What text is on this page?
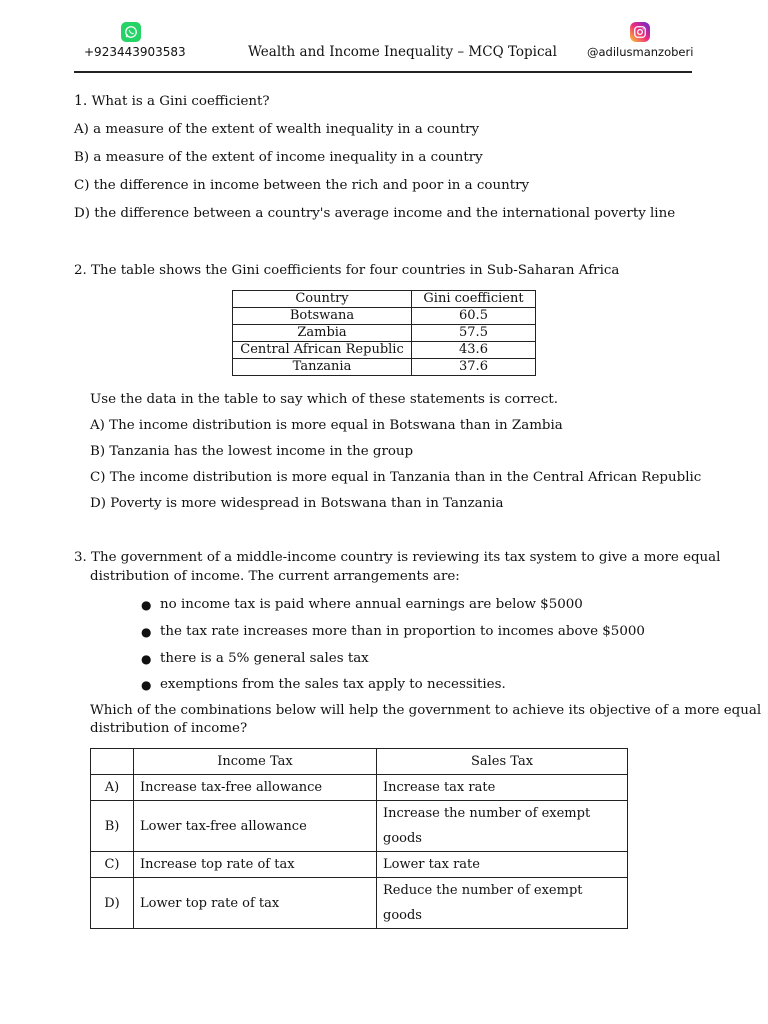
+923443903583	Wealth and Income Inequality – MCQ Topical	@adilusmanzoberi
1. What is a Gini coefficient?
A) a measure of the extent of wealth inequality in a country
B) a measure of the extent of income inequality in a country
C) the difference in income between the rich and poor in a country
D) the difference between a country's average income and the international poverty line
2. The table shows the Gini coefficients for four countries in Sub-Saharan Africa
Country	Gini coefficient
Botswana	60.5
Zambia	57.5
Central African Republic	43.6
Tanzania	37.6
Use the data in the table to say which of these statements is correct.
A) The income distribution is more equal in Botswana than in Zambia
B) Tanzania has the lowest income in the group
C) The income distribution is more equal in Tanzania than in the Central African Republic
D) Poverty is more widespread in Botswana than in Tanzania
3. The government of a middle-income country is reviewing its tax system to give a more equal
distribution of income. The current arrangements are:
● no income tax is paid where annual earnings are below $5000
● the tax rate increases more than in proportion to incomes above $5000
● there is a 5% general sales tax
● exemptions from the sales tax apply to necessities.
Which of the combinations below will help the government to achieve its objective of a more equal
distribution of income?
	Income Tax	Sales Tax
A)	Increase tax-free allowance	Increase tax rate
B)	Lower tax-free allowance	Increase the number of exempt goods
C)	Increase top rate of tax	Lower tax rate
D)	Lower top rate of tax	Reduce the number of exempt goods
